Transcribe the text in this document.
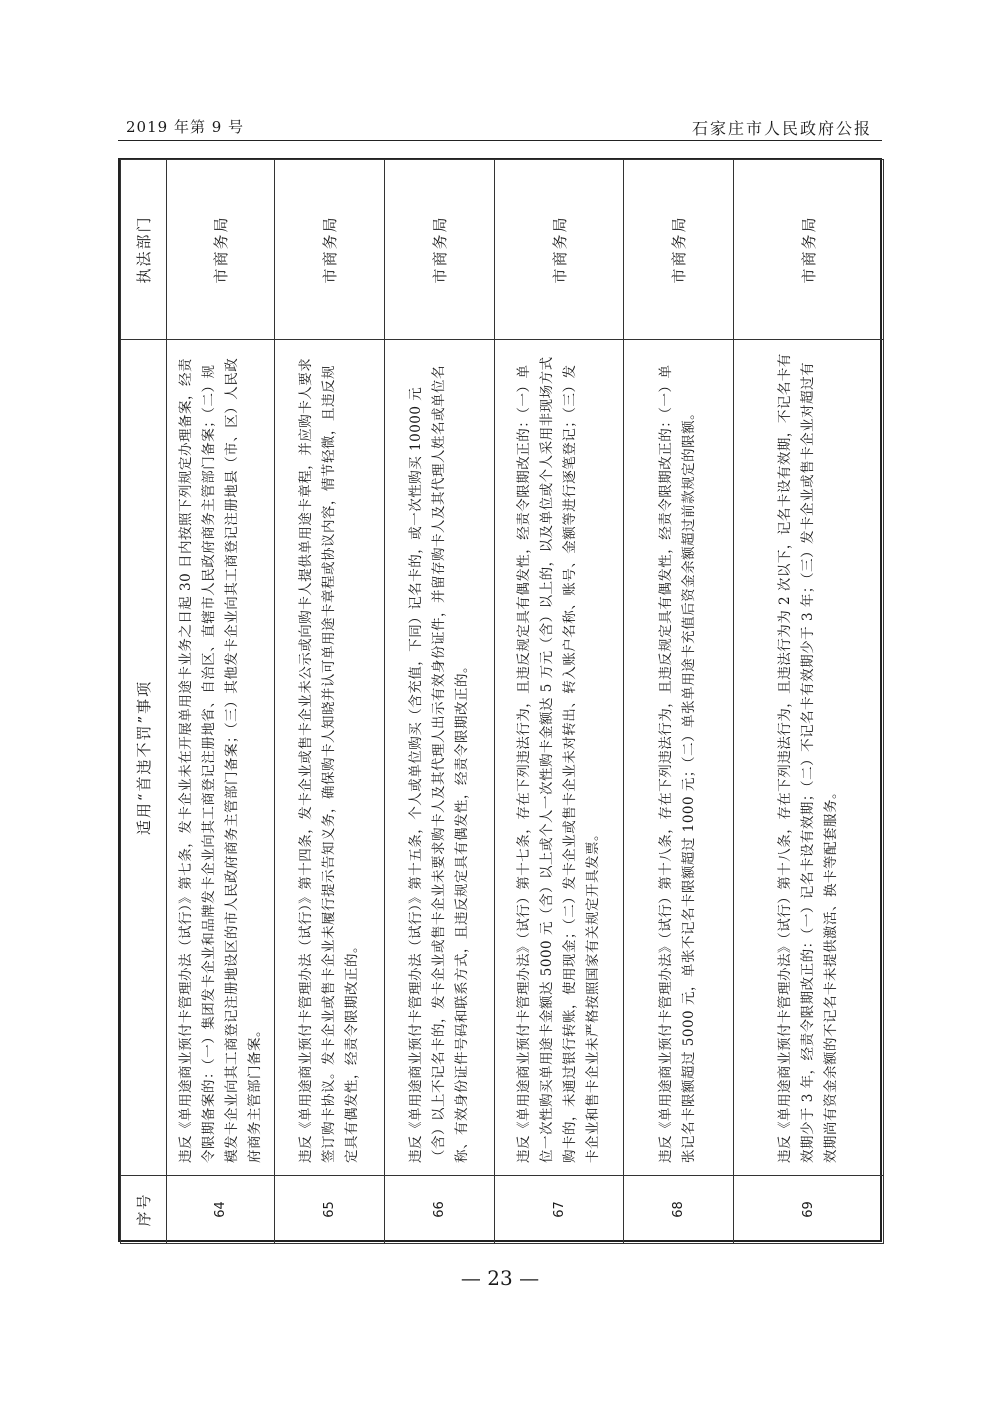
2019 年第 9 号	石家庄市人民政府公报
序号	适用“首违不罚”事项	执法部门
64	违反《单用途商业预付卡管理办法（试行）》第七条，发卡企业未在开展单用途卡业务之日起 30 日内按照下列规定办理备案，经责令限期备案的：（一）集团发卡企业和品牌发卡企业向其工商登记注册地省、自治区、直辖市人民政府商务主管部门备案；（二）规模发卡企业向其工商登记注册地设区的市人民政府商务主管部门备案；（三）其他发卡企业向其工商登记注册地县（市、区）人民政府商务主管部门备案。	市商务局
65	违反《单用途商业预付卡管理办法（试行）》第十四条，发卡企业或售卡企业未公示或向购卡人提供单用途卡章程，并应购卡人要求签订购卡协议。发卡企业或售卡企业未履行提示告知义务，确保购卡人知晓并认可单用途卡章程或协议内容，情节轻微，且违反规定具有偶发性，经责令限期改正的。	市商务局
66	违反《单用途商业预付卡管理办法（试行）》第十五条，个人或单位购买（含充值，下同）记名卡的，或一次性购买 10000 元（含）以上不记名卡的，发卡企业或售卡企业未要求购卡人及其代理人出示有效身份证件，并留存购卡人及其代理人姓名或单位名称、有效身份证件号码和联系方式，且违反规定具有偶发性，经责令限期改正的。	市商务局
67	违反《单用途商业预付卡管理办法》（试行）第十七条，存在下列违法行为，且违反规定具有偶发性，经责令限期改正的：（一）单位一次性购买单用途卡金额达 5000 元（含）以上或个人一次性购卡金额达 5 万元（含）以上的，以及单位或个人采用非现场方式购卡的，未通过银行转账，使用现金；（二）发卡企业或售卡企业未对转出、转入账户名称、账号、金额等进行逐笔登记；（三）发卡企业和售卡企业未严格按照国家有关规定开具发票。	市商务局
68	违反《单用途商业预付卡管理办法》（试行）第十八条，存在下列违法行为，且违反规定具有偶发性，经责令限期改正的：（一）单张记名卡限额超过 5000 元，单张不记名卡限额超过 1000 元；（二）单张单用途卡充值后资金余额超过前款规定的限额。	市商务局
69	违反《单用途商业预付卡管理办法》（试行）第十八条，存在下列违法行为，且违法行为为 2 次以下，记名卡设有效期，不记名卡有效期少于 3 年，经责令限期改正的：（一）记名卡设有效期；（二）不记名卡有效期少于 3 年；（三）发卡企业或售卡企业对超过有效期尚有资金余额的不记名卡未提供激活、换卡等配套服务。	市商务局
— 23 —
